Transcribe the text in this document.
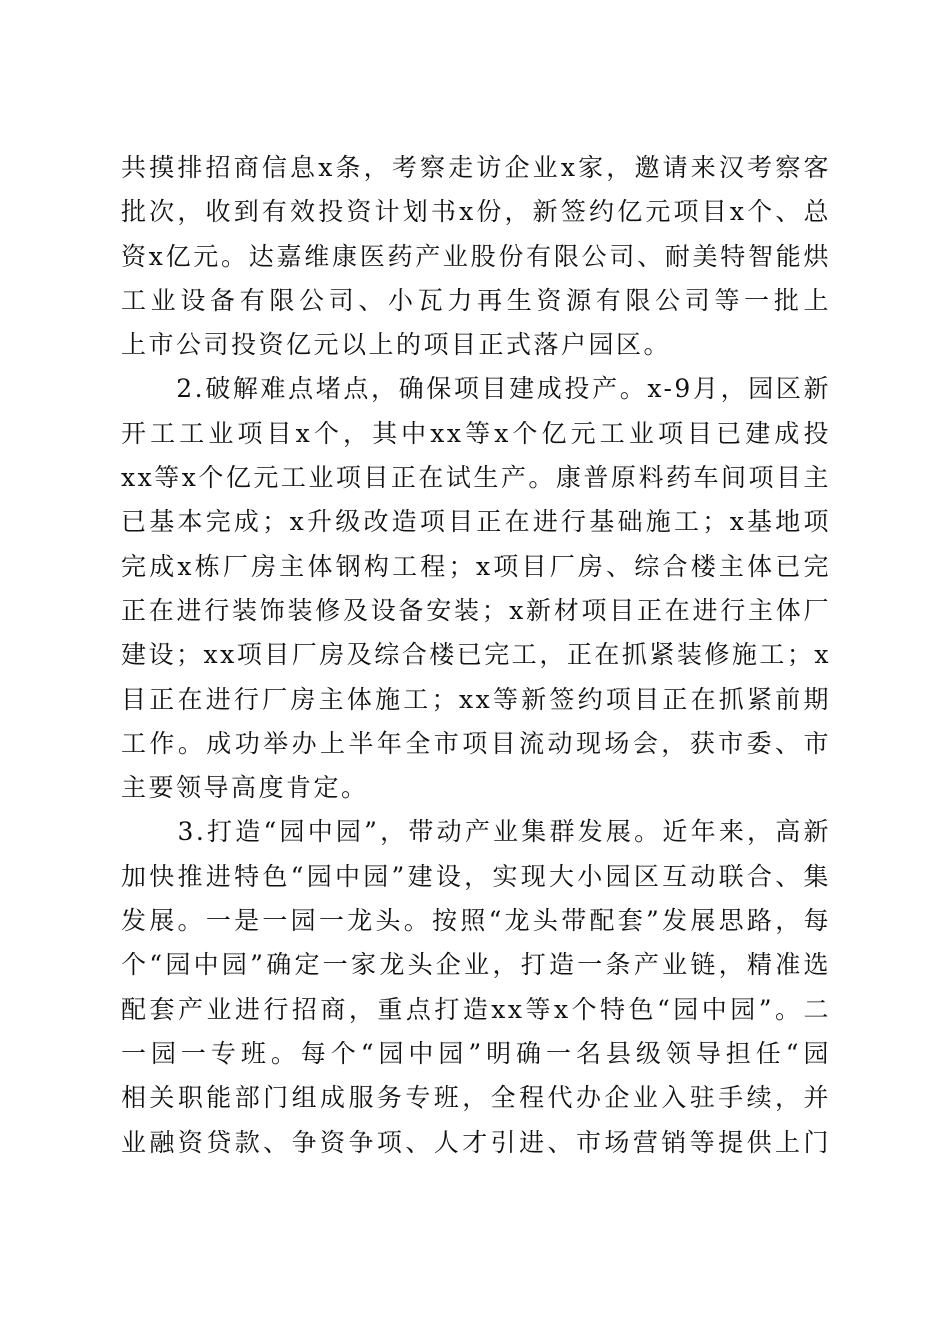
共摸排招商信息x条，考察走访企业x家，邀请来汉考察客
批次，收到有效投资计划书x份，新签约亿元项目x个、总
资x亿元。达嘉维康医药产业股份有限公司、耐美特智能烘
工业设备有限公司、小瓦力再生资源有限公司等一批上
上市公司投资亿元以上的项目正式落户园区。

　　2.破解难点堵点，确保项目建成投产。x-9月，园区新
开工工业项目x个，其中xx等x个亿元工业项目已建成投
xx等x个亿元工业项目正在试生产。康普原料药车间项目主
已基本完成；x升级改造项目正在进行基础施工；x基地项
完成x栋厂房主体钢构工程；x项目厂房、综合楼主体已完
正在进行装饰装修及设备安装；x新材项目正在进行主体厂
建设；xx项目厂房及综合楼已完工，正在抓紧装修施工；x
目正在进行厂房主体施工；xx等新签约项目正在抓紧前期
工作。成功举办上半年全市项目流动现场会，获市委、市
主要领导高度肯定。

　　3.打造“园中园”，带动产业集群发展。近年来，高新
加快推进特色“园中园”建设，实现大小园区互动联合、集
发展。一是一园一龙头。按照“龙头带配套”发展思路，每
个“园中园”确定一家龙头企业，打造一条产业链，精准选
配套产业进行招商，重点打造xx等x个特色“园中园”。二
一园一专班。每个“园中园”明确一名县级领导担任“园
相关职能部门组成服务专班，全程代办企业入驻手续，并
业融资贷款、争资争项、人才引进、市场营销等提供上门
